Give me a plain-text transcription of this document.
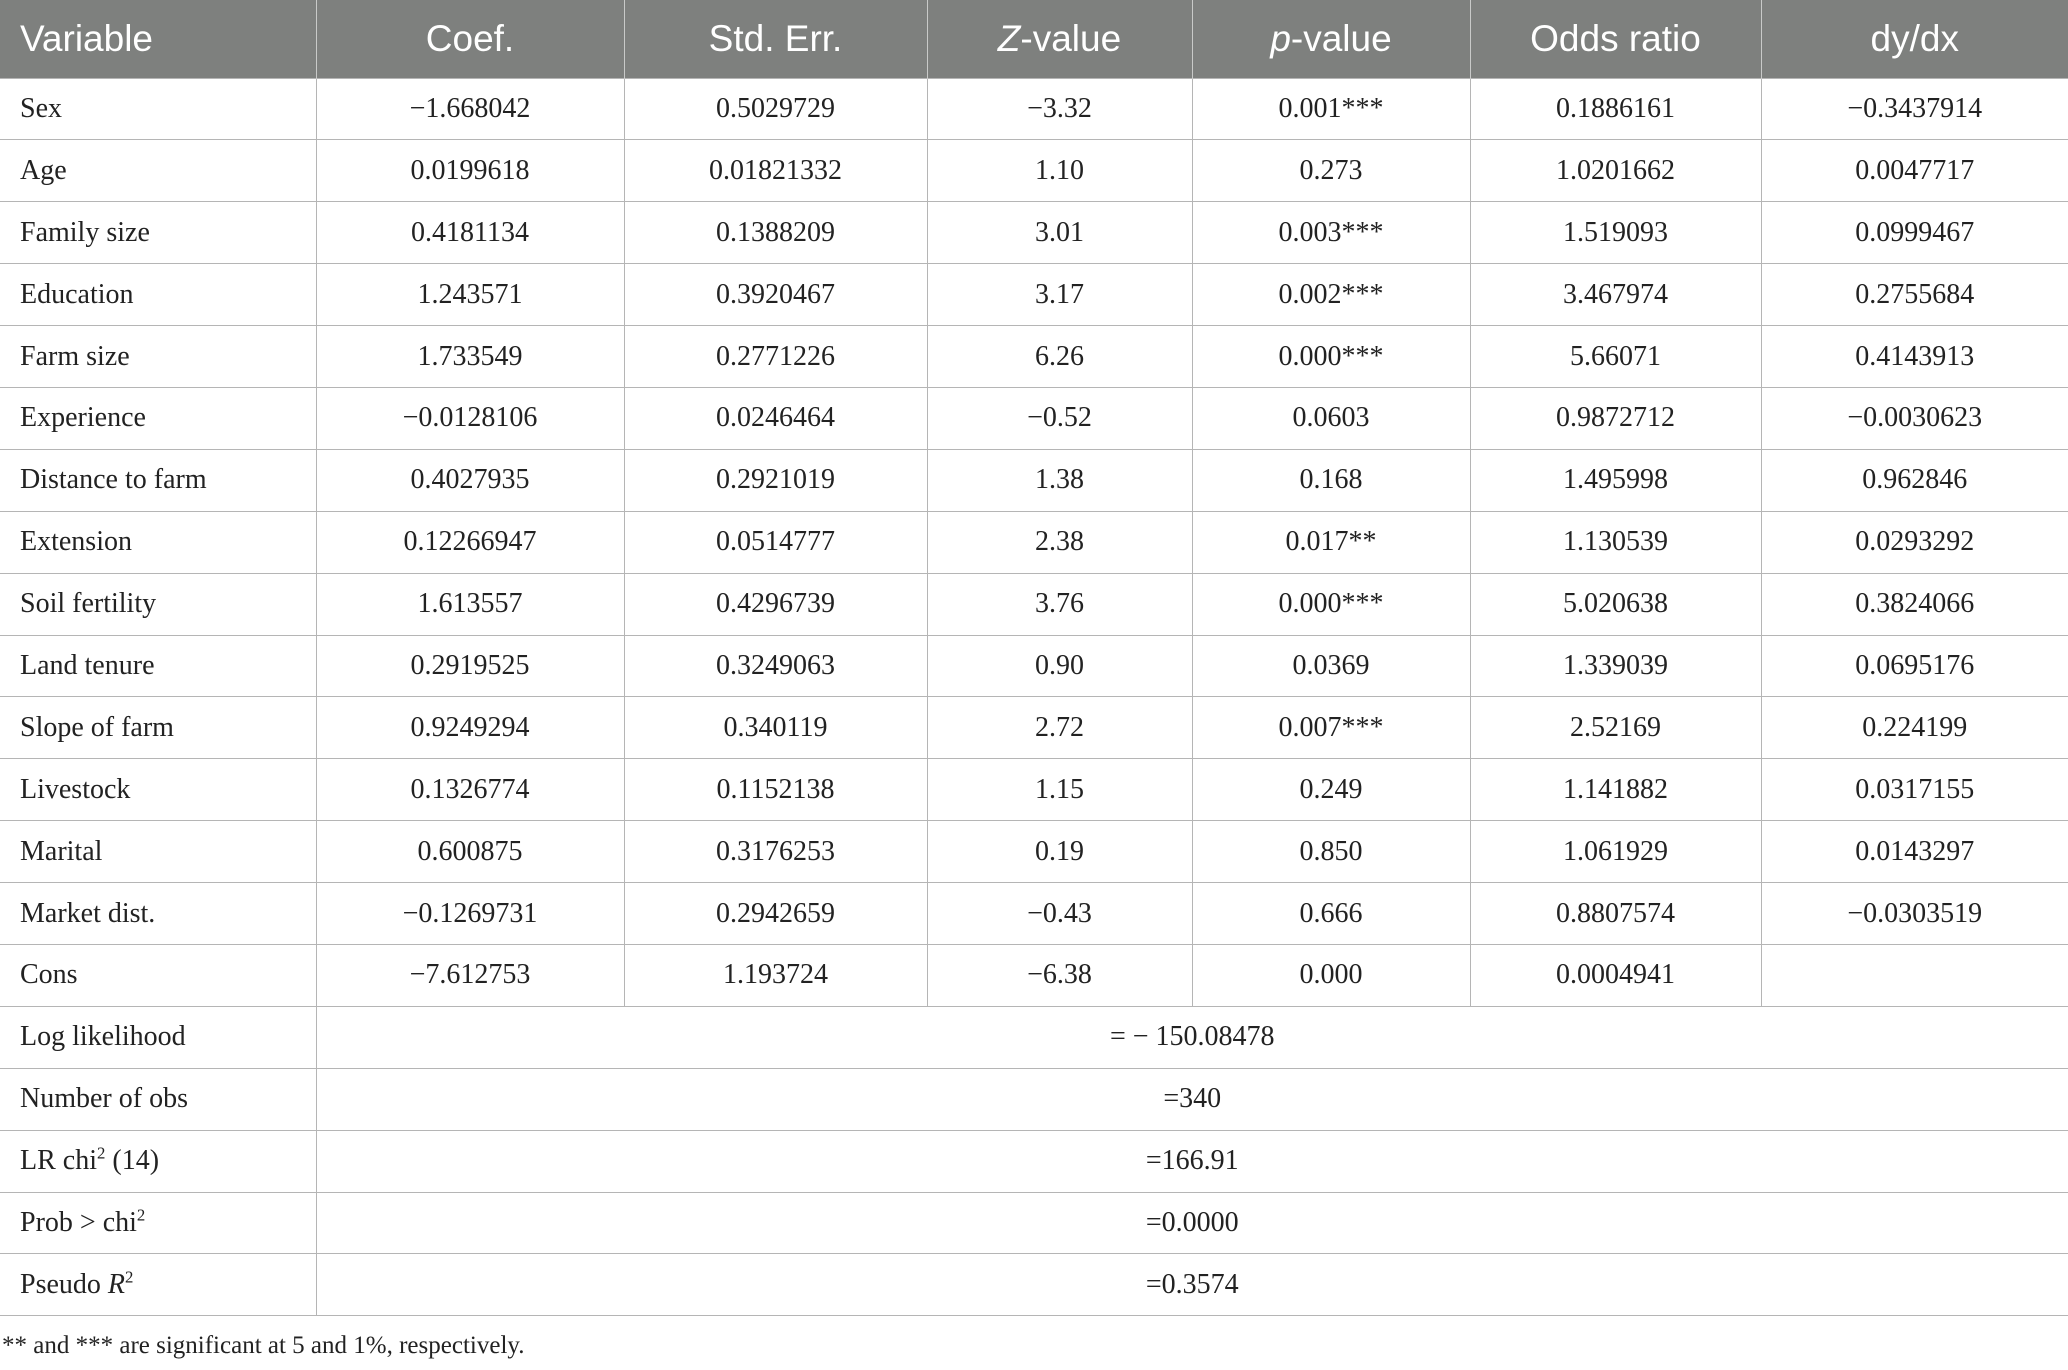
Variable	Coef.	Std. Err.	Z-value	p-value	Odds ratio	dy/dx
Sex	−1.668042	0.5029729	−3.32	0.001***	0.1886161	−0.3437914
Age	0.0199618	0.01821332	1.10	0.273	1.0201662	0.0047717
Family size	0.4181134	0.1388209	3.01	0.003***	1.519093	0.0999467
Education	1.243571	0.3920467	3.17	0.002***	3.467974	0.2755684
Farm size	1.733549	0.2771226	6.26	0.000***	5.66071	0.4143913
Experience	−0.0128106	0.0246464	−0.52	0.0603	0.9872712	−0.0030623
Distance to farm	0.4027935	0.2921019	1.38	0.168	1.495998	0.962846
Extension	0.12266947	0.0514777	2.38	0.017**	1.130539	0.0293292
Soil fertility	1.613557	0.4296739	3.76	0.000***	5.020638	0.3824066
Land tenure	0.2919525	0.3249063	0.90	0.0369	1.339039	0.0695176
Slope of farm	0.9249294	0.340119	2.72	0.007***	2.52169	0.224199
Livestock	0.1326774	0.1152138	1.15	0.249	1.141882	0.0317155
Marital	0.600875	0.3176253	0.19	0.850	1.061929	0.0143297
Market dist.	−0.1269731	0.2942659	−0.43	0.666	0.8807574	−0.0303519
Cons	−7.612753	1.193724	−6.38	0.000	0.0004941	
Log likelihood	= − 150.08478					
Number of obs	=340					
LR chi$^2$ (14)	=166.91					
Prob > chi$^2$	=0.0000					
Pseudo $R^2$	=0.3574					
** and *** are significant at 5 and 1%, respectively.
